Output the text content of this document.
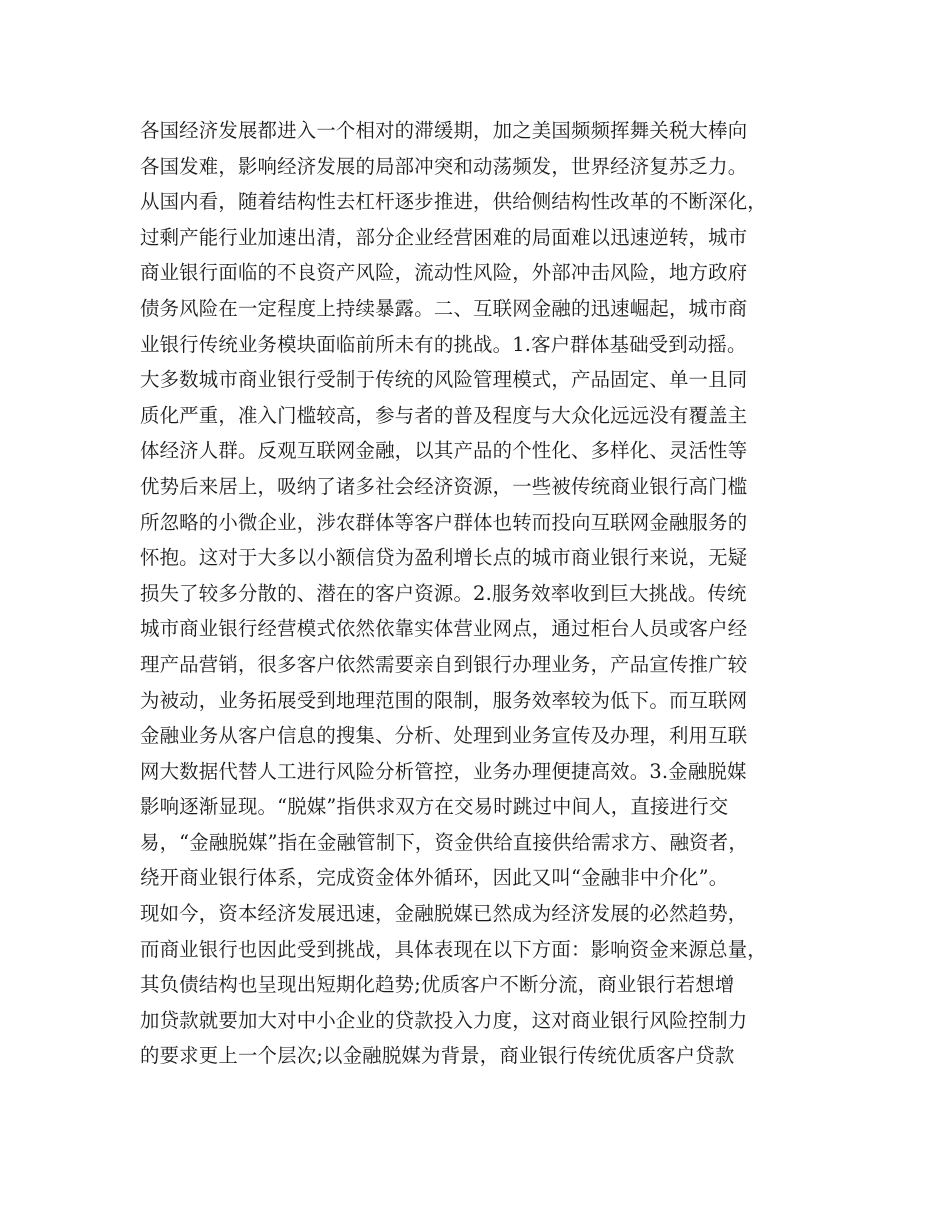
各国经济发展都进入一个相对的滞缓期，加之美国频频挥舞关税大棒向
各国发难，影响经济发展的局部冲突和动荡频发，世界经济复苏乏力。
从国内看，随着结构性去杠杆逐步推进，供给侧结构性改革的不断深化，
过剩产能行业加速出清，部分企业经营困难的局面难以迅速逆转，城市
商业银行面临的不良资产风险，流动性风险，外部冲击风险，地方政府
债务风险在一定程度上持续暴露。二、互联网金融的迅速崛起，城市商
业银行传统业务模块面临前所未有的挑战。1.客户群体基础受到动摇。
大多数城市商业银行受制于传统的风险管理模式，产品固定、单一且同
质化严重，准入门槛较高，参与者的普及程度与大众化远远没有覆盖主
体经济人群。反观互联网金融，以其产品的个性化、多样化、灵活性等
优势后来居上，吸纳了诸多社会经济资源，一些被传统商业银行高门槛
所忽略的小微企业，涉农群体等客户群体也转而投向互联网金融服务的
怀抱。这对于大多以小额信贷为盈利增长点的城市商业银行来说，无疑
损失了较多分散的、潜在的客户资源。2.服务效率收到巨大挑战。传统
城市商业银行经营模式依然依靠实体营业网点，通过柜台人员或客户经
理产品营销，很多客户依然需要亲自到银行办理业务，产品宣传推广较
为被动，业务拓展受到地理范围的限制，服务效率较为低下。而互联网
金融业务从客户信息的搜集、分析、处理到业务宣传及办理，利用互联
网大数据代替人工进行风险分析管控，业务办理便捷高效。3.金融脱媒
影响逐渐显现。“脱媒”指供求双方在交易时跳过中间人，直接进行交
易，“金融脱媒”指在金融管制下，资金供给直接供给需求方、融资者，
绕开商业银行体系，完成资金体外循环，因此又叫“金融非中介化”。
现如今，资本经济发展迅速，金融脱媒已然成为经济发展的必然趋势，
而商业银行也因此受到挑战，具体表现在以下方面：影响资金来源总量，
其负债结构也呈现出短期化趋势;优质客户不断分流，商业银行若想增
加贷款就要加大对中小企业的贷款投入力度，这对商业银行风险控制力
的要求更上一个层次;以金融脱媒为背景，商业银行传统优质客户贷款
